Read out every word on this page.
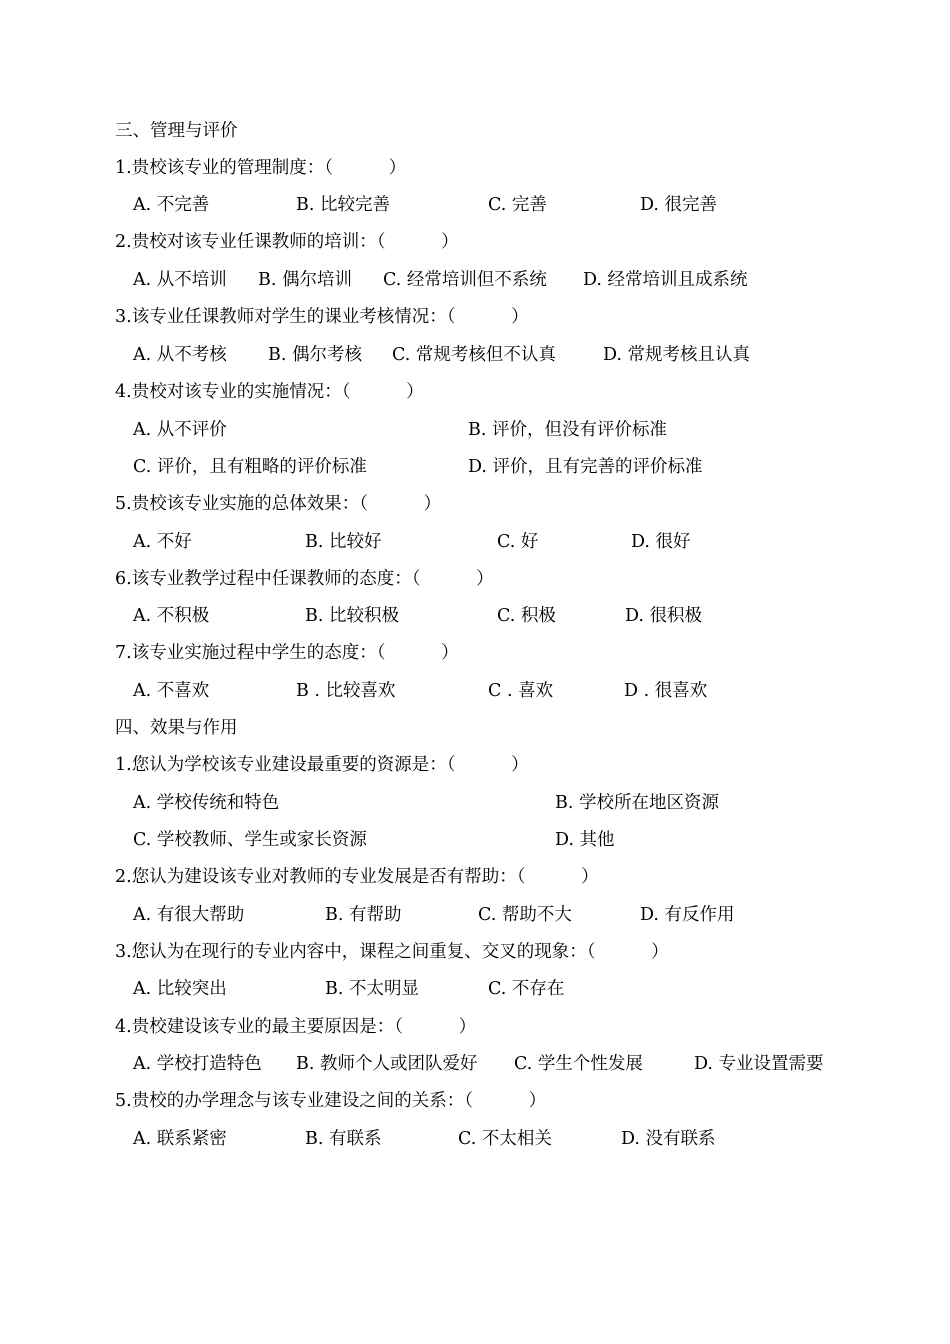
三、管理与评价
1.贵校该专业的管理制度：（          ）
A. 不完善	B. 比较完善	C. 完善	D. 很完善
2.贵校对该专业任课教师的培训：（          ）
A. 从不培训 B. 偶尔培训 C. 经常培训但不系统 D. 经常培训且成系统
3.该专业任课教师对学生的课业考核情况：（          ）
A. 从不考核 B. 偶尔考核 C. 常规考核但不认真	D. 常规考核且认真
4.贵校对该专业的实施情况：（          ）
A. 从不评价	B. 评价，但没有评价标准
C. 评价，且有粗略的评价标准	D. 评价，且有完善的评价标准
5.贵校该专业实施的总体效果：（          ）
A. 不好	B. 比较好	C. 好	D. 很好
6.该专业教学过程中任课教师的态度：（          ）
A. 不积极	B. 比较积极	C. 积极	D. 很积极
7.该专业实施过程中学生的态度：（          ）
A. 不喜欢	B . 比较喜欢	C . 喜欢	D . 很喜欢
四、效果与作用
1.您认为学校该专业建设最重要的资源是：（          ）
A. 学校传统和特色	B. 学校所在地区资源
C. 学校教师、学生或家长资源	D. 其他
2.您认为建设该专业对教师的专业发展是否有帮助：（          ）
A. 有很大帮助	B. 有帮助	C. 帮助不大	D. 有反作用
3.您认为在现行的专业内容中，课程之间重复、交叉的现象：（          ）
A. 比较突出	B. 不太明显	C. 不存在
4.贵校建设该专业的最主要原因是：（          ）
A. 学校打造特色 B. 教师个人或团队爱好 C. 学生个性发展	D. 专业设置需要
5.贵校的办学理念与该专业建设之间的关系：（          ）
A. 联系紧密	B. 有联系	C. 不太相关	D. 没有联系
